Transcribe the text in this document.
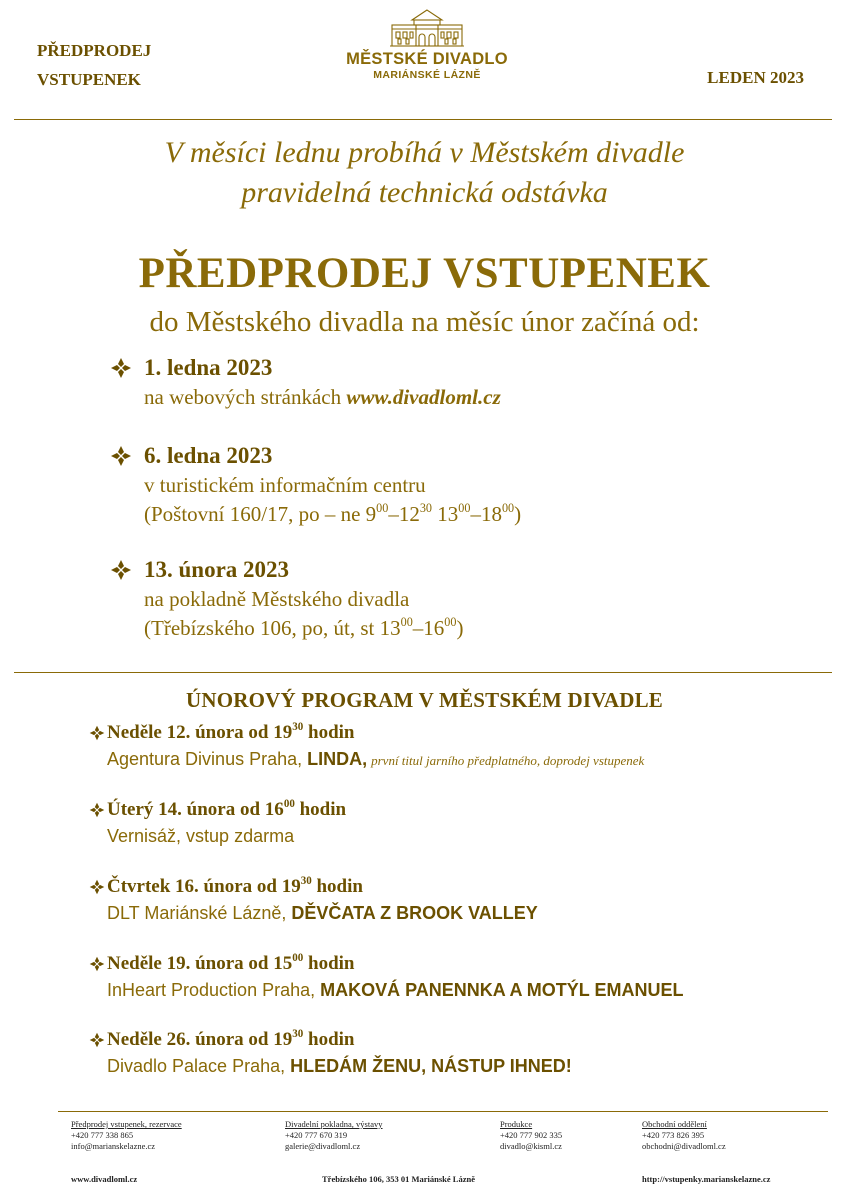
PŘEDPRODEJ
VSTUPENEK
MĚSTSKÉ DIVADLO
MARIÁNSKÉ LÁZNĚ	LEDEN 2023
V měsíci lednu probíhá v Městském divadle
pravidelná technická odstávka
PŘEDPRODEJ VSTUPENEK
do Městského divadla na měsíc únor začíná od:
1. ledna 2023
na webových stránkách www.divadloml.cz
6. ledna 2023
v turistickém informačním centru
(Poštovní 160/17, po – ne $9^{00}-12^{30}$ $13^{00}-18^{00}$)
13. února 2023
na pokladně Městského divadla
(Třebízského 106, po, út, st $13^{00}-16^{00}$)
ÚNOROVÝ PROGRAM V MĚSTSKÉM DIVADLE
Neděle 12. února od $19^{30}$ hodin
Agentura Divinus Praha, LINDA, první titul jarního předplatného, doprodej vstupenek
Úterý 14. února od $16^{00}$ hodin
Vernisáž, vstup zdarma
Čtvrtek 16. února od $19^{30}$ hodin
DLT Mariánské Lázně, DĚVČATA Z BROOK VALLEY
Neděle 19. února od $15^{00}$ hodin
InHeart Production Praha, MAKOVÁ PANENNKA A MOTÝL EMANUEL
Neděle 26. února od $19^{30}$ hodin
Divadlo Palace Praha, HLEDÁM ŽENU, NÁSTUP IHNED!
Předprodej vstupenek, rezervace
+420 777 338 865
info@marianskelazne.cz
Divadelní pokladna, výstavy
+420 777 670 319
galerie@divadloml.cz
Produkce
+420 777 902 335
divadlo@kisml.cz
Obchodní oddělení
+420 773 826 395
obchodni@divadloml.cz
www.divadloml.cz	Třebízského 106, 353 01 Mariánské Lázně	http://vstupenky.marianskelazne.cz
